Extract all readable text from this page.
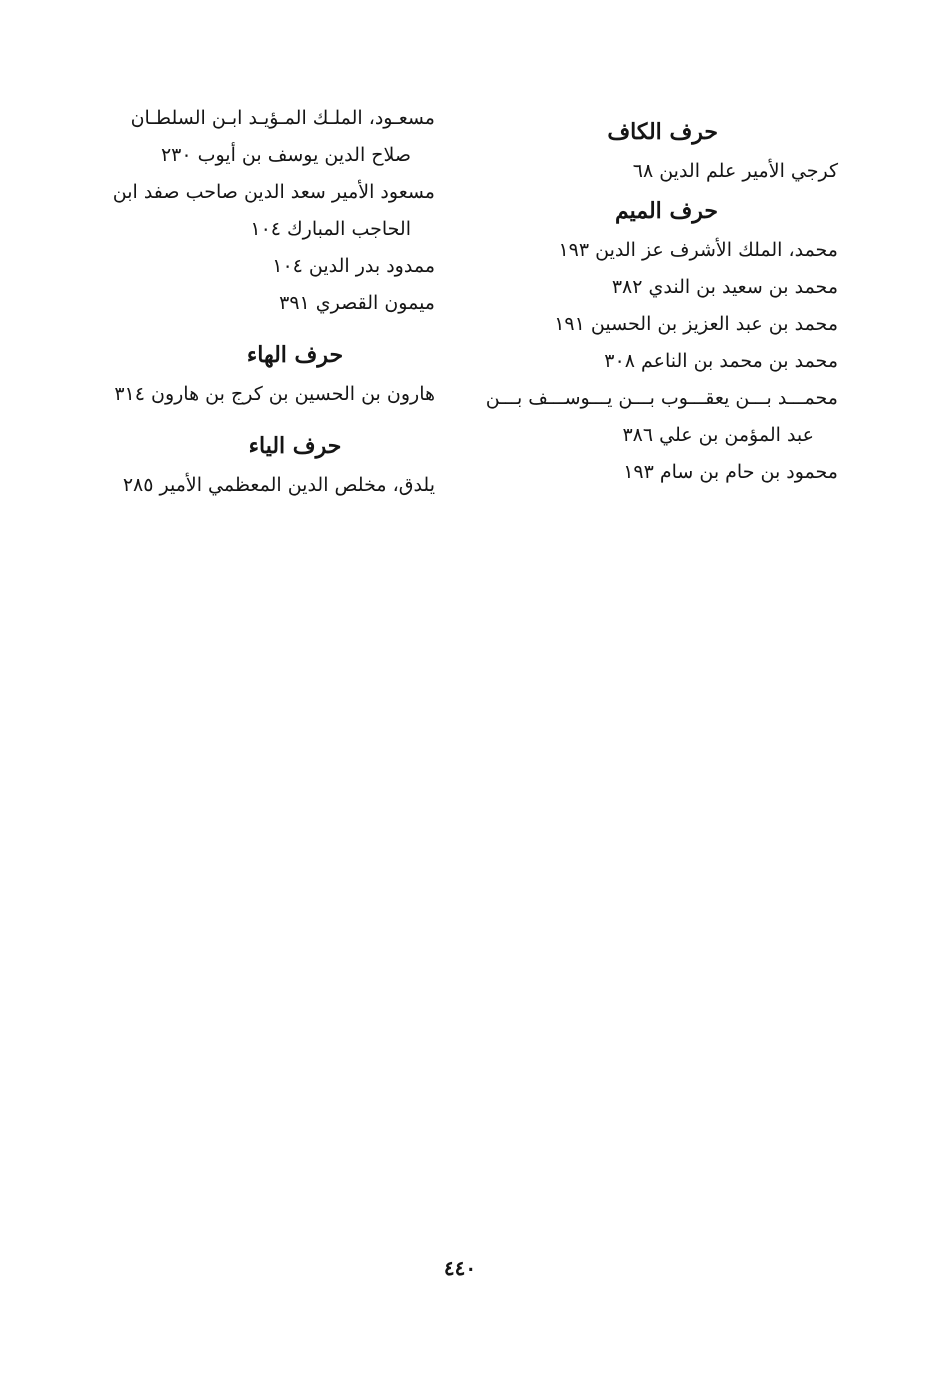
حرف الكاف
كرجي الأمير علم الدين ٦٨
حرف الميم
محمد، الملك الأشرف عز الدين ١٩٣
محمد بن سعيد بن الندي ٣٨٢
محمد بن عبد العزيز بن الحسين ١٩١
محمد بن محمد بن الناعم ٣٠٨
محمـــد بـــن يعقـــوب بـــن يـــوســـف بـــن
عبد المؤمن بن علي ٣٨٦
محمود بن حام بن سام ١٩٣
مسعـود، الملـك المـؤيـد ابـن السلطـان
صلاح الدين يوسف بن أيوب ٢٣٠
مسعود الأمير سعد الدين صاحب صفد ابن
الحاجب المبارك ١٠٤
ممدود بدر الدين ١٠٤
ميمون القصري ٣٩١
حرف الهاء
هارون بن الحسين بن كرج بن هارون ٣١٤
حرف الياء
يلدق، مخلص الدين المعظمي الأمير ٢٨٥
٤٤٠
